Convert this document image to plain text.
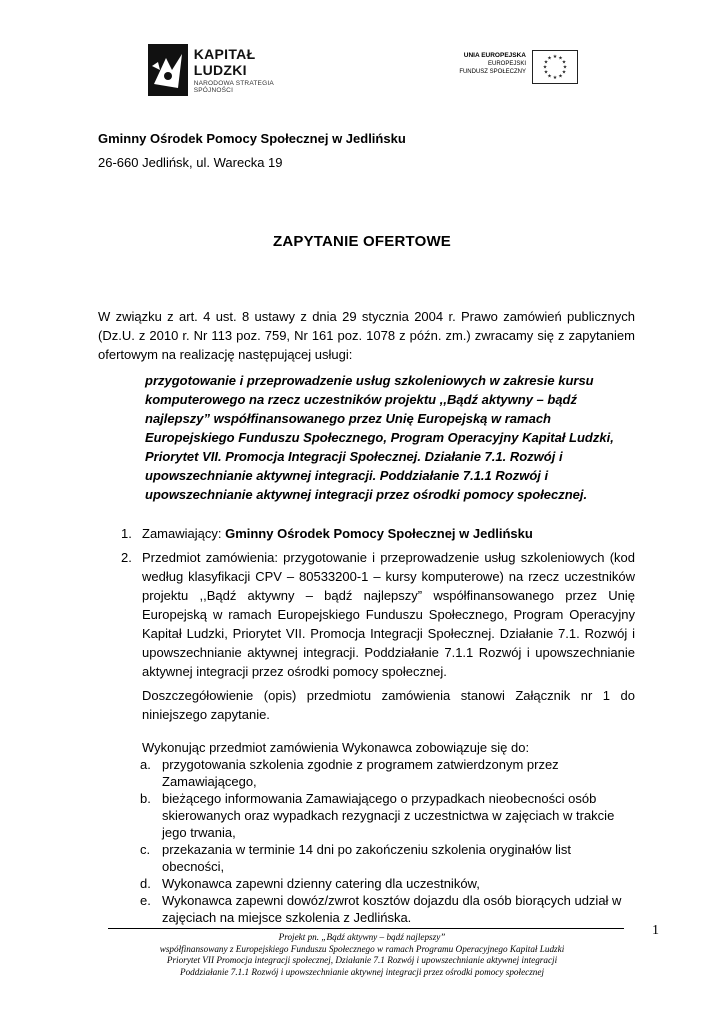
KAPITAŁ LUDZKI
NARODOWA STRATEGIA SPÓJNOŚCI
UNIA EUROPEJSKA
EUROPEJSKI
FUNDUSZ SPOŁECZNY
★ ★
★
★
★
★
★
★
★
★
★
★
Gminny Ośrodek Pomocy Społecznej w Jedlińsku
26-660 Jedlińsk, ul. Warecka 19
ZAPYTANIE OFERTOWE
W związku z art. 4 ust. 8 ustawy z dnia 29 stycznia 2004 r. Prawo zamówień publicznych (Dz.U. z 2010 r. Nr 113 poz. 759, Nr 161 poz. 1078 z późn. zm.) zwracamy się z zapytaniem ofertowym na realizację następującej usługi:
przygotowanie i przeprowadzenie usług szkoleniowych w zakresie kursu komputerowego na rzecz uczestników projektu ,,Bądź aktywny – bądź najlepszy” współfinansowanego przez Unię Europejską w ramach Europejskiego Funduszu Społecznego, Program Operacyjny Kapitał Ludzki, Priorytet VII. Promocja Integracji Społecznej. Działanie 7.1. Rozwój i upowszechnianie aktywnej integracji. Poddziałanie 7.1.1 Rozwój i upowszechnianie aktywnej integracji przez ośrodki pomocy społecznej.
1. Zamawiający: Gminny Ośrodek Pomocy Społecznej w Jedlińsku
2. Przedmiot zamówienia: przygotowanie i przeprowadzenie usług szkoleniowych (kod według klasyfikacji CPV – 80533200-1 – kursy komputerowe) na rzecz uczestników projektu ,,Bądź aktywny – bądź najlepszy” współfinansowanego przez Unię Europejską w ramach Europejskiego Funduszu Społecznego, Program Operacyjny Kapitał Ludzki, Priorytet VII. Promocja Integracji Społecznej. Działanie 7.1. Rozwój i upowszechnianie aktywnej integracji. Poddziałanie 7.1.1 Rozwój i upowszechnianie aktywnej integracji przez ośrodki pomocy społecznej.
Doszczegółowienie (opis) przedmiotu zamówienia stanowi Załącznik nr 1 do niniejszego zapytanie.
Wykonując przedmiot zamówienia Wykonawca zobowiązuje się do:
a. przygotowania szkolenia zgodnie z programem zatwierdzonym przez Zamawiającego,
b. bieżącego informowania Zamawiającego o przypadkach nieobecności osób skierowanych oraz wypadkach rezygnacji z uczestnictwa w zajęciach w trakcie jego trwania,
c. przekazania w terminie 14 dni po zakończeniu szkolenia oryginałów list obecności,
d. Wykonawca zapewni dzienny catering dla uczestników,
e. Wykonawca zapewni dowóz/zwrot kosztów dojazdu dla osób biorących udział w zajęciach na miejsce szkolenia z Jedlińska.
1
Projekt pn. „Bądź aktywny – bądź najlepszy”
współfinansowany z Europejskiego Funduszu Społecznego w ramach Programu Operacyjnego Kapitał Ludzki
Priorytet VII Promocja integracji społecznej, Działanie 7.1 Rozwój i upowszechnianie aktywnej integracji
Poddziałanie 7.1.1 Rozwój i upowszechnianie aktywnej integracji przez ośrodki pomocy społecznej
